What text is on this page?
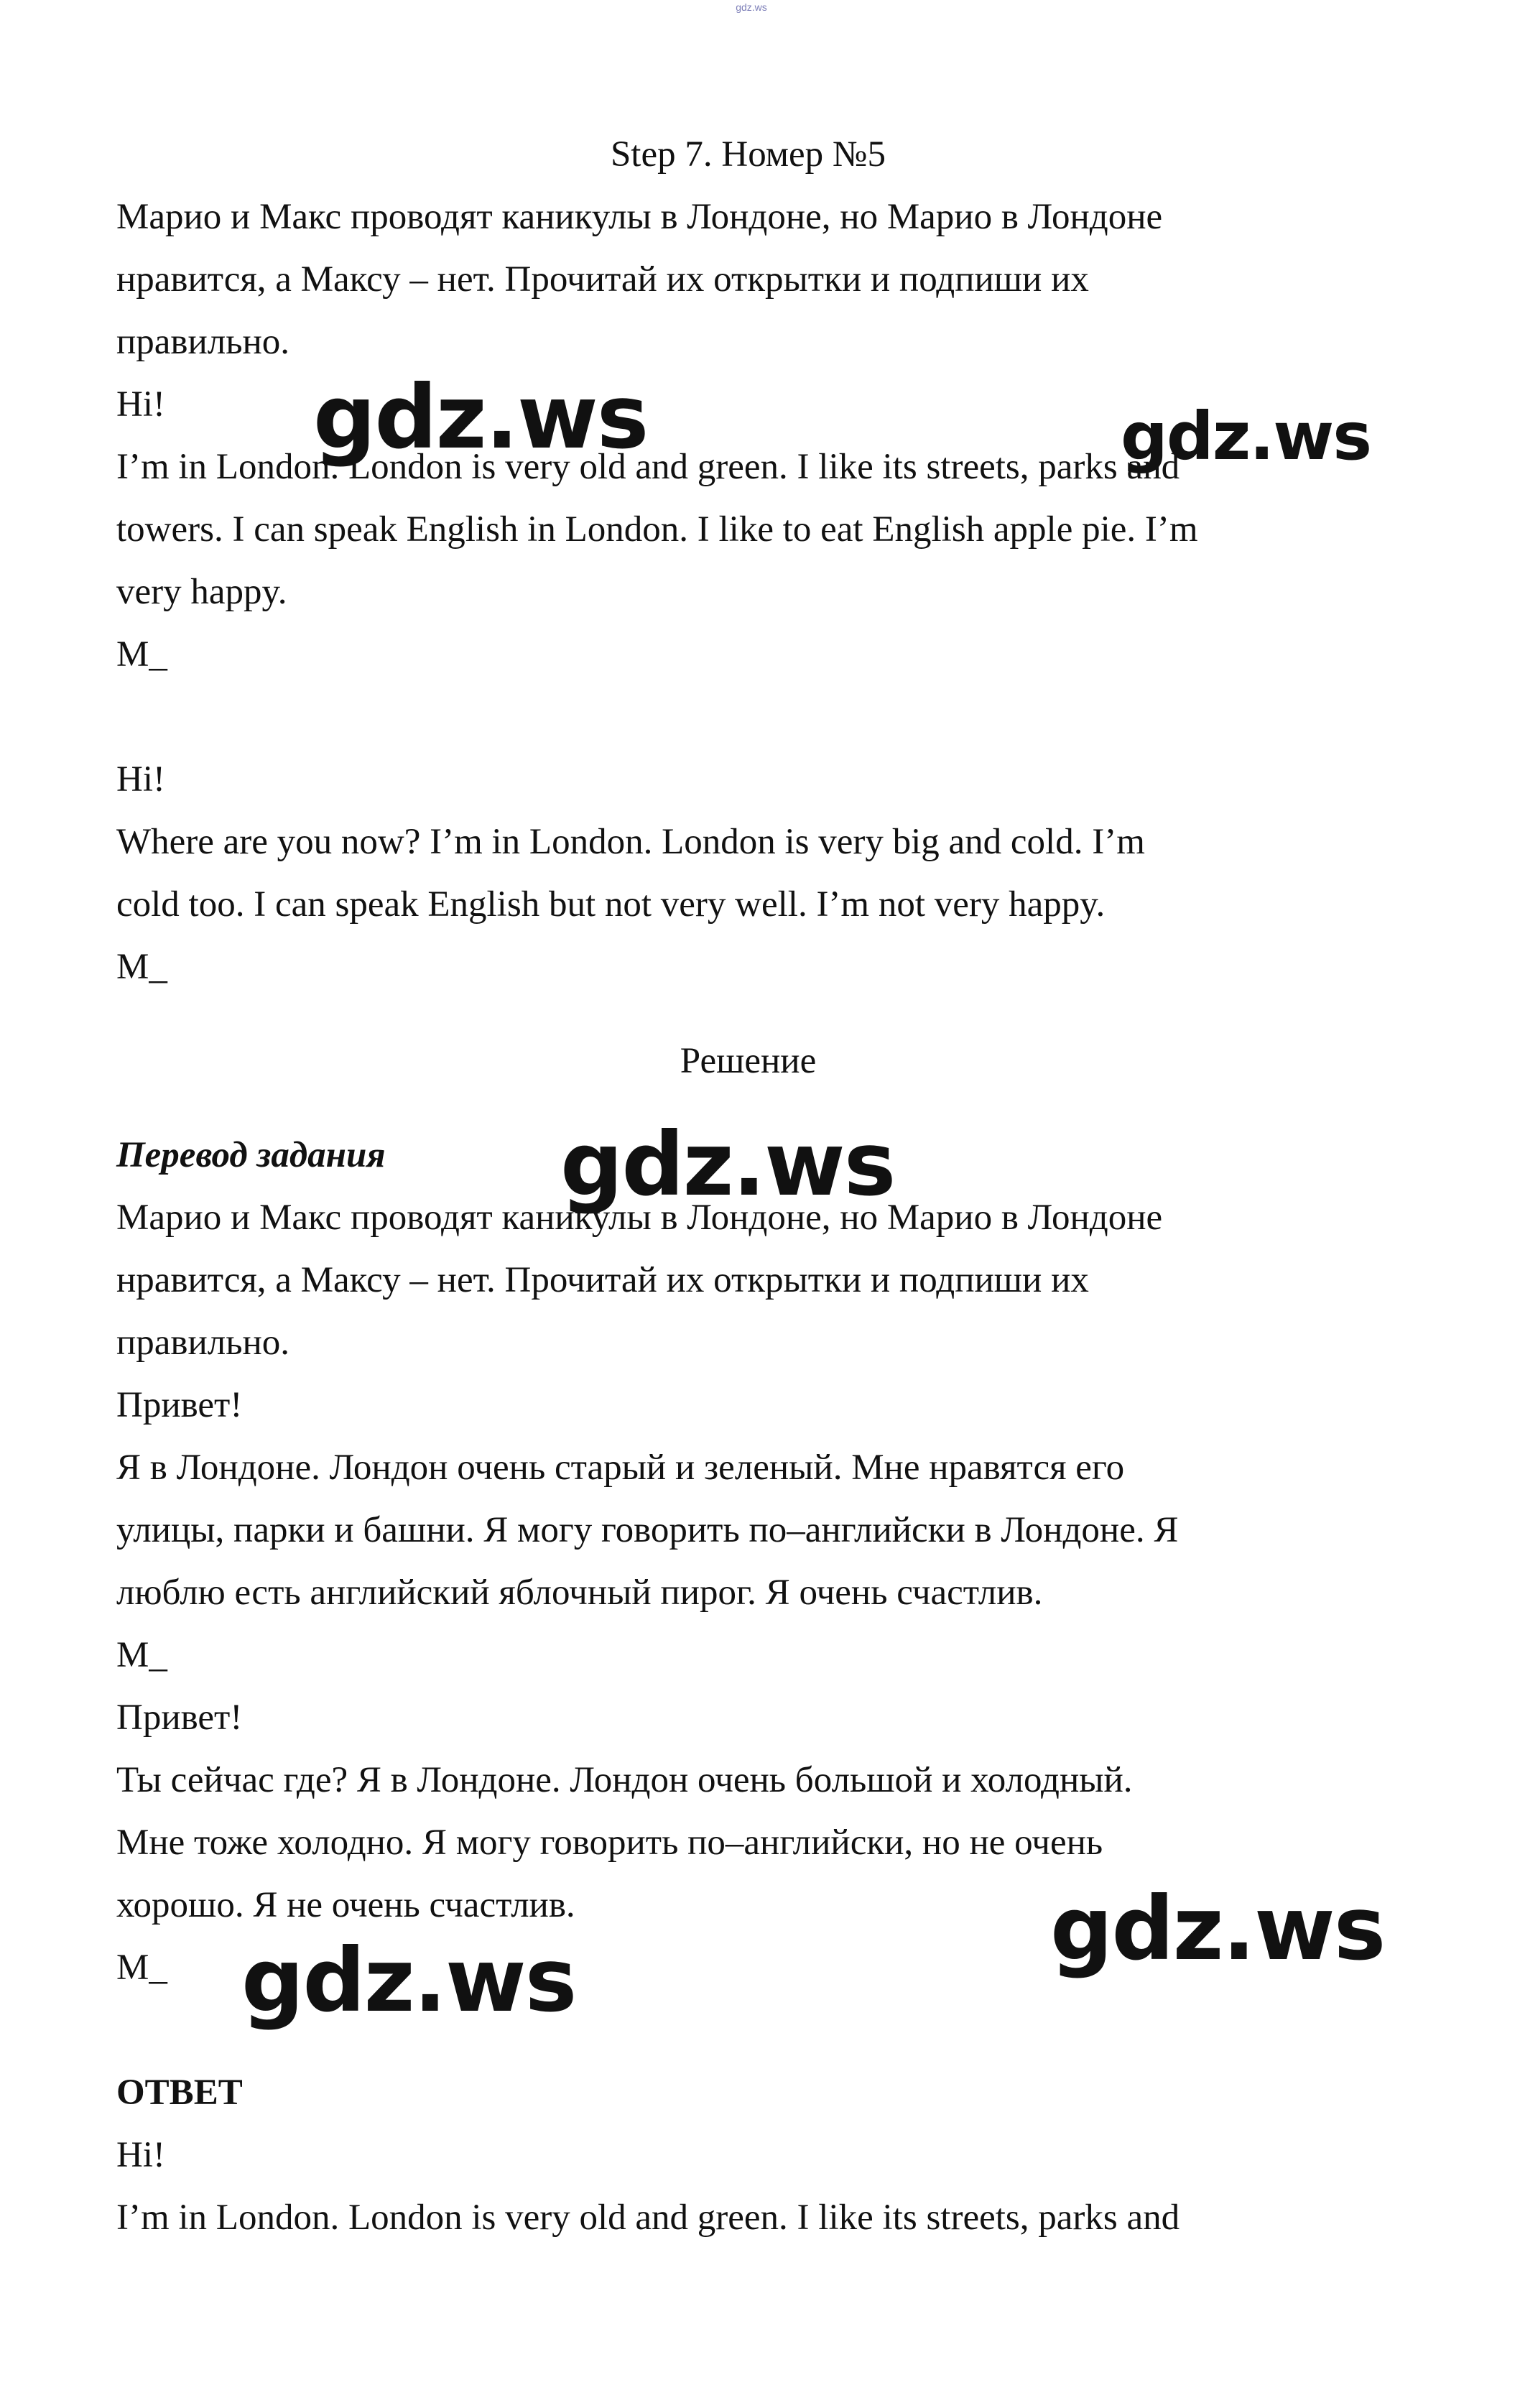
gdz.ws

Step 7. Номер №5

Марио и Макс проводят каникулы в Лондоне, но Марио в Лондоне

нравится, а Максу – нет. Прочитай их открытки и подпиши их

правильно.

Hi!

I’m in London. London is very old and green. I like its streets, parks and

towers. I can speak English in London. I like to eat English apple pie. I’m

very happy.

M_

Hi!

Where are you now? I’m in London. London is very big and cold. I’m

cold too. I can speak English but not very well. I’m not very happy.

M_

Решение

Перевод задания

Марио и Макс проводят каникулы в Лондоне, но Марио в Лондоне

нравится, а Максу – нет. Прочитай их открытки и подпиши их

правильно.

Привет!

Я в Лондоне. Лондон очень старый и зеленый. Мне нравятся его

улицы, парки и башни. Я могу говорить по–английски в Лондоне. Я

люблю есть английский яблочный пирог. Я очень счастлив.

M_

Привет!

Ты сейчас где? Я в Лондоне. Лондон очень большой и холодный.

Мне тоже холодно. Я могу говорить по–английски, но не очень

хорошо. Я не очень счастлив.

M_

ОТВЕТ

Hi!

I’m in London. London is very old and green. I like its streets, parks and

gdz.ws	gdz.ws
gdz.ws
gdz.ws
gdz.ws
